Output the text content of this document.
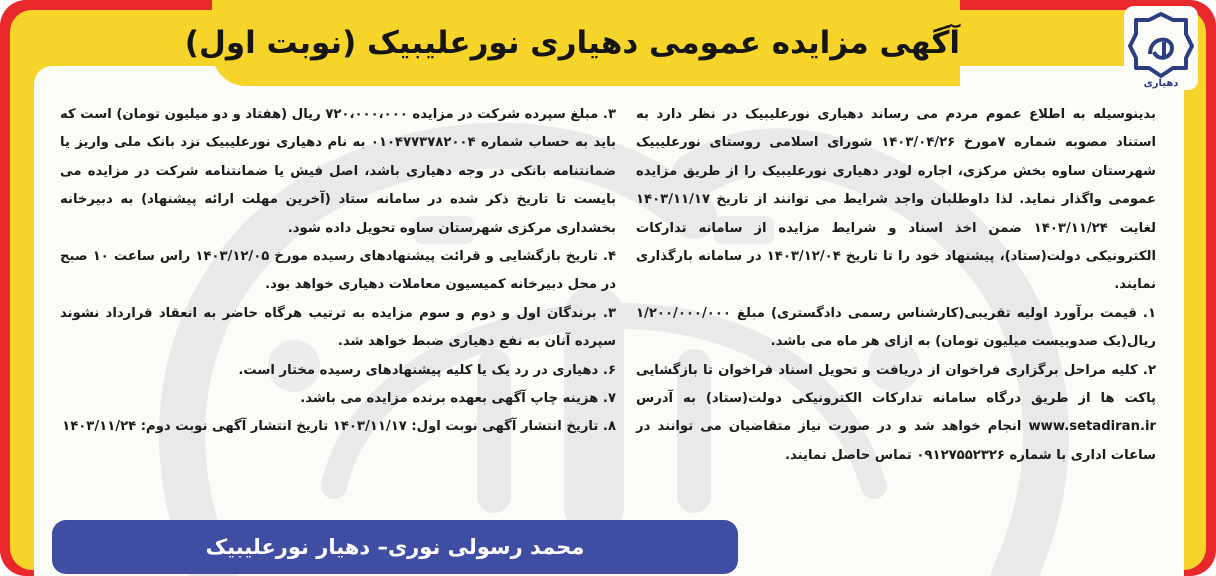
آگهی مزایده عمومی دهیاری نورعلیبیک (نوبت اول)
دهیاری

بدینوسیله به اطلاع عموم مردم می رساند دهیاری نورعلیبیک در نظر دارد به استناد مصوبه شماره ۷مورخ ۱۴۰۳/۰۴/۲۶ شورای اسلامی روستای نورعلیبیک شهرستان ساوه بخش مرکزی، اجاره لودر دهیاری نورعلیبیک را از طریق مزایده عمومی واگذار نماید. لذا داوطلبان واجد شرایط می توانند از تاریخ ۱۴۰۳/۱۱/۱۷ لغایت ۱۴۰۳/۱۱/۲۴ ضمن اخذ اسناد و شرایط مزایده از سامانه تدارکات الکترونیکی دولت(ستاد)، پیشنهاد خود را تا تاریخ ۱۴۰۳/۱۲/۰۴ در سامانه بارگذاری نمایند.

۱. قیمت برآورد اولیه تقریبی(کارشناس رسمی دادگستری) مبلغ ۱/۲۰۰/۰۰۰/۰۰۰ ریال(یک صدوبیست میلیون تومان) به ازای هر ماه می باشد.

۲. کلیه مراحل برگزاری فراخوان از دریافت و تحویل اسناد فراخوان تا بازگشایی پاکت ها از طریق درگاه سامانه تدارکات الکترونیکی دولت(ستاد) به آدرس www.setadiran.ir انجام خواهد شد و در صورت نیاز متقاضیان می توانند در ساعات اداری با شماره ۰۹۱۲۷۵۵۲۳۲۶ تماس حاصل نمایند.

۳. مبلغ سپرده شرکت در مزایده ۷۲۰،۰۰۰،۰۰۰ ریال (هفتاد و دو میلیون تومان) است که باید به حساب شماره ۰۱۰۴۷۷۳۷۸۲۰۰۴ به نام دهیاری نورعلیبیک نزد بانک ملی واریز یا ضمانتنامه بانکی در وجه دهیاری باشد، اصل فیش یا ضمانتنامه شرکت در مزایده می بایست تا تاریخ ذکر شده در سامانه ستاد (آخرین مهلت ارائه پیشنهاد) به دبیرخانه بخشداری مرکزی شهرستان ساوه تحویل داده شود.

۴. تاریخ بازگشایی و قرائت پیشنهادهای رسیده مورخ ۱۴۰۳/۱۲/۰۵ راس ساعت ۱۰ صبح در محل دبیرخانه کمیسیون معاملات دهیاری خواهد بود.

۳. برندگان اول و دوم و سوم مزایده به ترتیب هرگاه حاضر به انعقاد قرارداد نشوند سپرده آنان به نفع دهیاری ضبط خواهد شد.

۶. دهیاری در رد یک یا کلیه پیشنهادهای رسیده مختار است.

۷. هزینه چاپ آگهی بعهده برنده مزایده می باشد.

۸. تاریخ انتشار آگهی نوبت اول: ۱۴۰۳/۱۱/۱۷ تاریخ انتشار آگهی نوبت دوم: ۱۴۰۳/۱۱/۲۴

محمد رسولی نوری– دهیار نورعلیبیک
